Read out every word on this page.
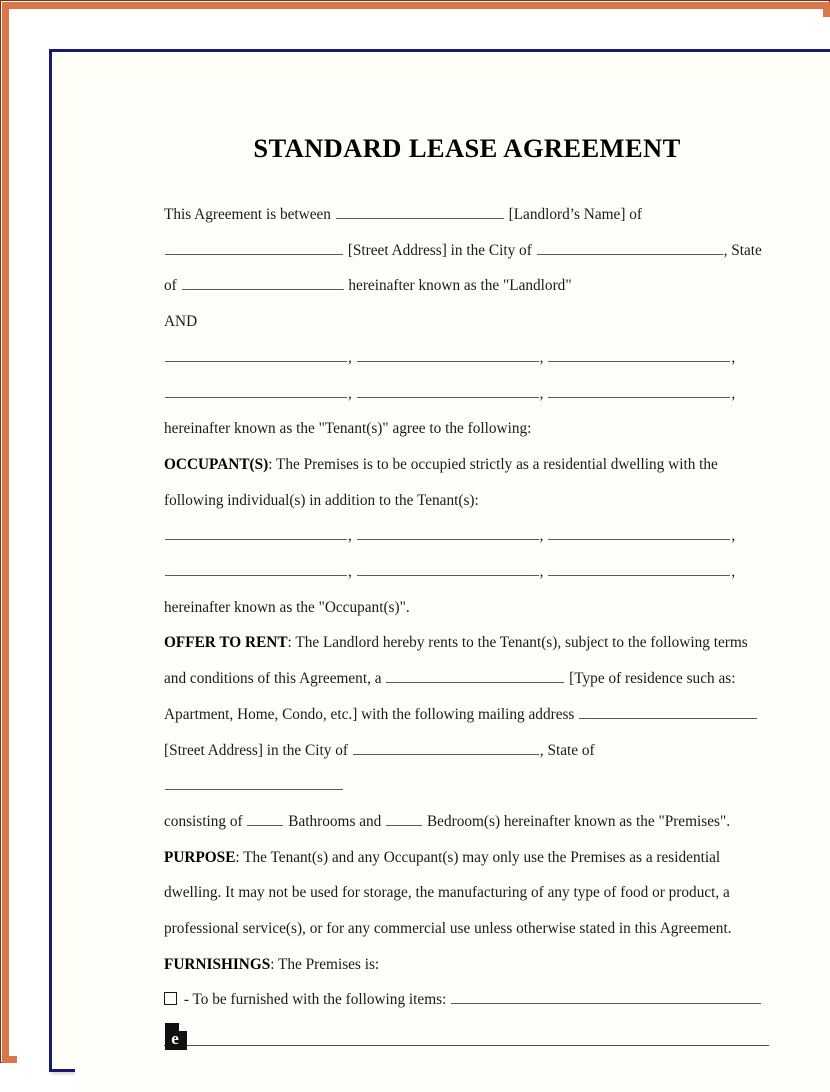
STANDARD LEASE AGREEMENT

This Agreement is between	[Landlord’s Name] of

[Street Address] in the City of	, State

of	hereinafter known as the "Landlord"

AND

,	,	,

,	,	,

hereinafter known as the "Tenant(s)" agree to the following:

OCCUPANT(S): The Premises is to be occupied strictly as a residential dwelling with the

following individual(s) in addition to the Tenant(s):

,	,	,

,	,	,

hereinafter known as the "Occupant(s)".

OFFER TO RENT: The Landlord hereby rents to the Tenant(s), subject to the following terms

and conditions of this Agreement, a	[Type of residence such as:

Apartment, Home, Condo, etc.] with the following mailing address

[Street Address] in the City of	, State of

consisting of  Bathrooms and  Bedroom(s) hereinafter known as the "Premises".

PURPOSE: The Tenant(s) and any Occupant(s) may only use the Premises as a residential

dwelling. It may not be used for storage, the manufacturing of any type of food or product, a

professional service(s), or for any commercial use unless otherwise stated in this Agreement.

FURNISHINGS: The Premises is:

- To be furnished with the following items:

e
